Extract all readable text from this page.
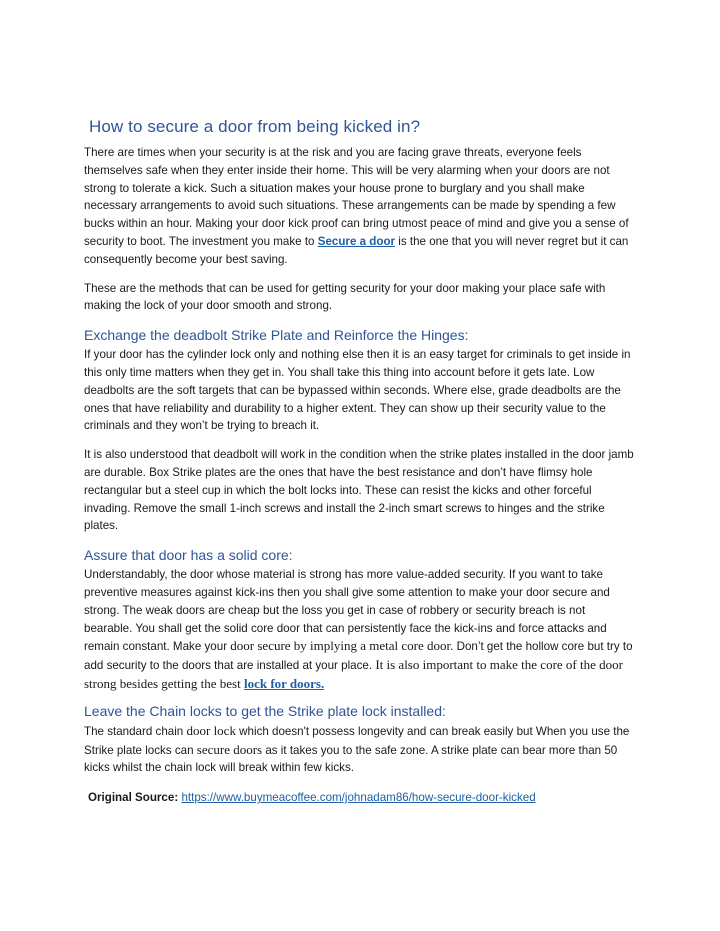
How to secure a door from being kicked in?

There are times when your security is at the risk and you are facing grave threats, everyone feels themselves safe when they enter inside their home. This will be very alarming when your doors are not strong to tolerate a kick. Such a situation makes your house prone to burglary and you shall make necessary arrangements to avoid such situations. These arrangements can be made by spending a few bucks within an hour. Making your door kick proof can bring utmost peace of mind and give you a sense of security to boot. The investment you make to Secure a door is the one that you will never regret but it can consequently become your best saving.

These are the methods that can be used for getting security for your door making your place safe with making the lock of your door smooth and strong.

Exchange the deadbolt Strike Plate and Reinforce the Hinges:

If your door has the cylinder lock only and nothing else then it is an easy target for criminals to get inside in this only time matters when they get in. You shall take this thing into account before it gets late. Low deadbolts are the soft targets that can be bypassed within seconds. Where else, grade deadbolts are the ones that have reliability and durability to a higher extent. They can show up their security value to the criminals and they won’t be trying to breach it.

It is also understood that deadbolt will work in the condition when the strike plates installed in the door jamb are durable. Box Strike plates are the ones that have the best resistance and don’t have flimsy hole rectangular but a steel cup in which the bolt locks into. These can resist the kicks and other forceful invading. Remove the small 1-inch screws and install the 2-inch smart screws to hinges and the strike plates.

Assure that door has a solid core:

Understandably, the door whose material is strong has more value-added security. If you want to take preventive measures against kick-ins then you shall give some attention to make your door secure and strong. The weak doors are cheap but the loss you get in case of robbery or security breach is not bearable. You shall get the solid core door that can persistently face the kick-ins and force attacks and remain constant. Make your door secure by implying a metal core door. Don’t get the hollow core but try to add security to the doors that are installed at your place. It is also important to make the core of the door strong besides getting the best lock for doors.

Leave the Chain locks to get the Strike plate lock installed:

The standard chain door lock which doesn't possess longevity and can break easily but When you use the Strike plate locks can secure doors as it takes you to the safe zone. A strike plate can bear more than 50 kicks whilst the chain lock will break within few kicks.

Original Source: https://www.buymeacoffee.com/johnadam86/how-secure-door-kicked
